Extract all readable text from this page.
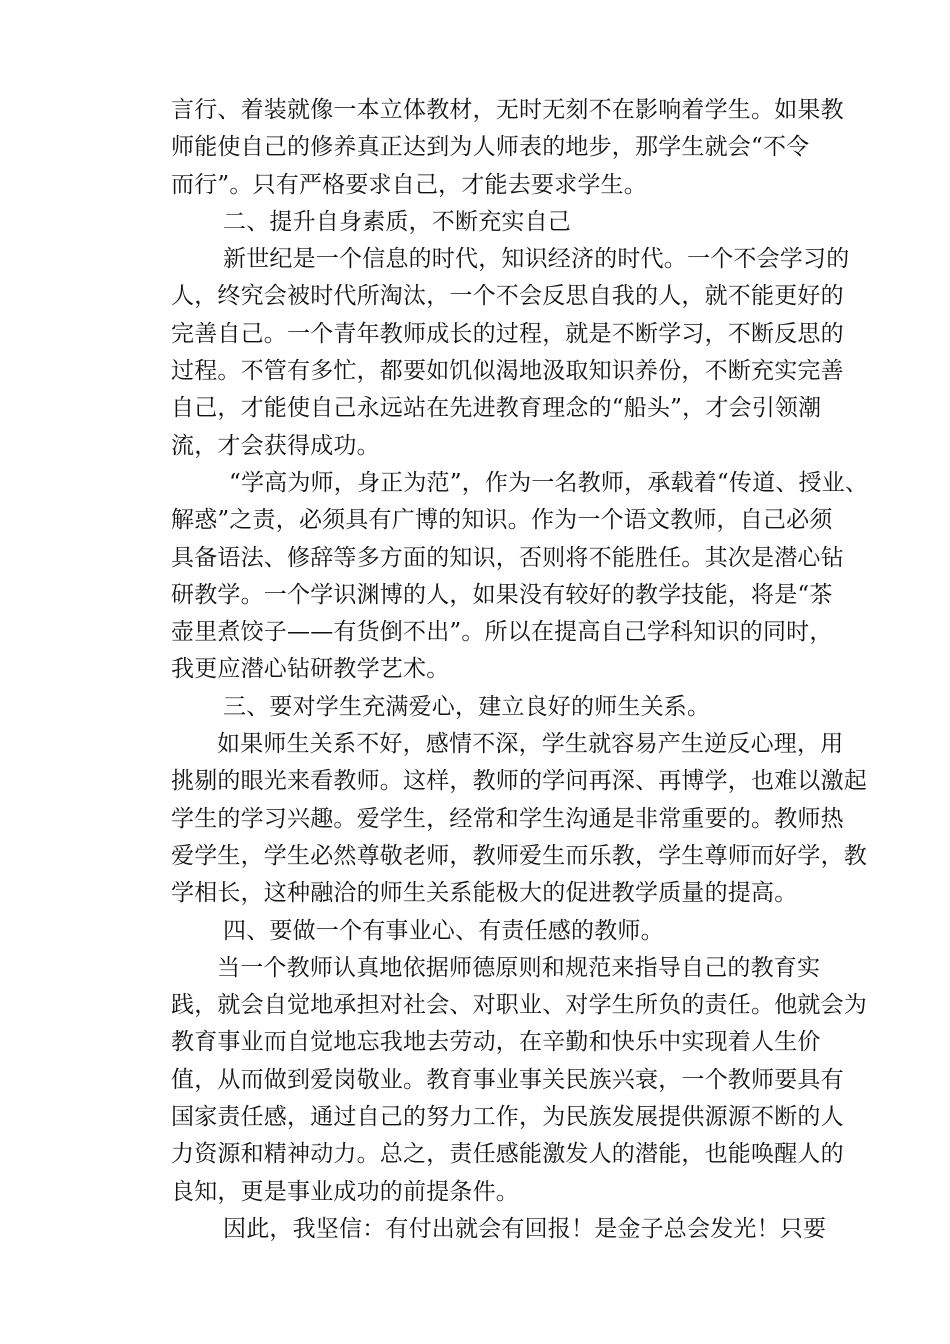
言行、着装就像一本立体教材，无时无刻不在影响着学生。如果教
师能使自己的修养真正达到为人师表的地步，那学生就会“不令
而行”。只有严格要求自己，才能去要求学生。
二、提升自身素质，不断充实自己
新世纪是一个信息的时代，知识经济的时代。一个不会学习的
人，终究会被时代所淘汰，一个不会反思自我的人，就不能更好的
完善自己。一个青年教师成长的过程，就是不断学习，不断反思的
过程。不管有多忙，都要如饥似渴地汲取知识养份，不断充实完善
自己，才能使自己永远站在先进教育理念的“船头”，才会引领潮
流，才会获得成功。
“学高为师，身正为范”，作为一名教师，承载着“传道、授业、
解惑”之责，必须具有广博的知识。作为一个语文教师，自己必须
具备语法、修辞等多方面的知识，否则将不能胜任。其次是潜心钻
研教学。一个学识渊博的人，如果没有较好的教学技能，将是“茶
壶里煮饺子——有货倒不出”。所以在提高自己学科知识的同时，
我更应潜心钻研教学艺术。
三、要对学生充满爱心，建立良好的师生关系。
如果师生关系不好，感情不深，学生就容易产生逆反心理，用
挑剔的眼光来看教师。这样，教师的学问再深、再博学，也难以激起
学生的学习兴趣。爱学生，经常和学生沟通是非常重要的。教师热
爱学生，学生必然尊敬老师，教师爱生而乐教，学生尊师而好学，教
学相长，这种融洽的师生关系能极大的促进教学质量的提高。
四、要做一个有事业心、有责任感的教师。
当一个教师认真地依据师德原则和规范来指导自己的教育实
践，就会自觉地承担对社会、对职业、对学生所负的责任。他就会为
教育事业而自觉地忘我地去劳动，在辛勤和快乐中实现着人生价
值，从而做到爱岗敬业。教育事业事关民族兴衰，一个教师要具有
国家责任感，通过自己的努力工作，为民族发展提供源源不断的人
力资源和精神动力。总之，责任感能激发人的潜能，也能唤醒人的
良知，更是事业成功的前提条件。
因此，我坚信：有付出就会有回报！是金子总会发光！只要
